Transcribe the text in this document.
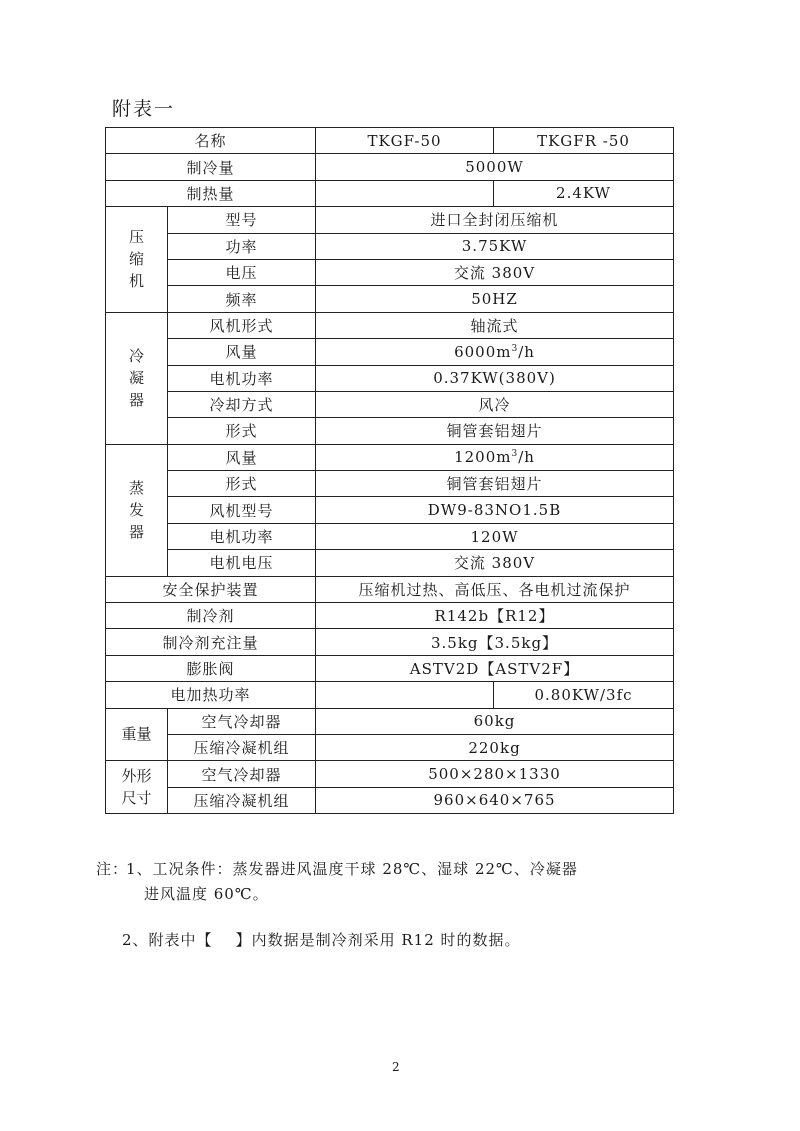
附表一
名称		TKGF-50	TKGFR -50
制冷量		5000W	
制热量			2.4KW
压缩机	型号	进口全封闭压缩机	
	功率	3.75KW	
	电压	交流 380V	
	频率	50HZ	
冷凝器	风机形式	轴流式	
	风量	$6000m^3/h$	
	电机功率	0.37KW(380V)	
	冷却方式	风冷	
	形式	铜管套铝翅片	
蒸发器	风量	$1200m^3/h$	
	形式	铜管套铝翅片	
	风机型号	DW9-83NO1.5B	
	电机功率	120W	
	电机电压	交流 380V	
安全保护装置		压缩机过热、高低压、各电机过流保护	
制冷剂		R142b【R12】	
制冷剂充注量		3.5kg【3.5kg】	
膨胀阀		ASTV2D【ASTV2F】	
电加热功率			0.80KW/3fc
重量	空气冷却器	60kg	
	压缩冷凝机组	220kg	
外形尺寸	空气冷却器	500×280×1330	
	压缩冷凝机组	960×640×765	
注：1、工况条件：蒸发器进风温度干球 28℃、湿球 22℃、冷凝器
进风温度 60℃。
2、附表中【    】内数据是制冷剂采用 R12 时的数据。
2
